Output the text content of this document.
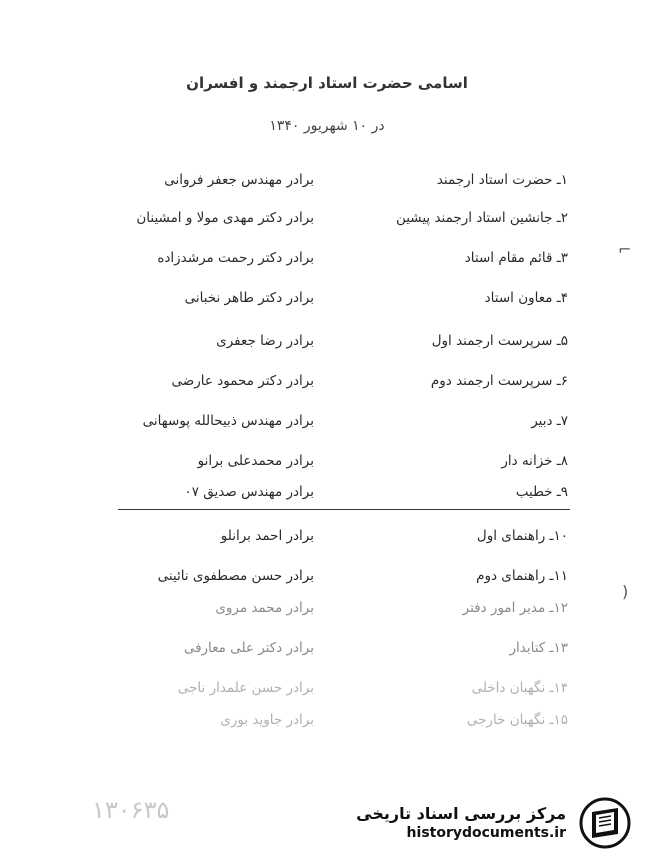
اسامی حضرت استاد ارجمند و افسران
در ۱۰ شهریور ۱۳۴۰
۱ـ حضرت استاد ارجمند
برادر مهندس جعفر فروانی
۲ـ جانشین استاد ارجمند پیشین
برادر دکتر مهدی مولا و امشینان
۳ـ قائم مقام استاد
برادر دکتر رحمت مرشدزاده
۴ـ معاون استاد
برادر دکتر طاهر نخبانی
۵ـ سرپرست ارجمند اول
برادر رضا جعفری
۶ـ سرپرست ارجمند دوم
برادر دکتر محمود عارضی
۷ـ دبیر
برادر مهندس ذبیحالله پوسهانی
۸ـ خزانه دار
برادر محمدعلی برانو
۹ـ خطیب
برادر مهندس صدیق ۰۷
۱۰ـ راهنمای اول
برادر احمد برانلو
۱۱ـ راهنمای دوم
برادر حسن مصطفوی نائینی
۱۲ـ مدیر امور دفتر
برادر محمد مروی
۱۳ـ کتابدار
برادر دکتر علی معارفی
۱۴ـ نگهبان داخلی
برادر حسن علمدار ناجی
۱۵ـ نگهبان خارجی
برادر جاوید بوری
⌐
)
۱۳۰۶۳۵	مرکز بررسی اسناد تاریخی
historydocuments.ir
